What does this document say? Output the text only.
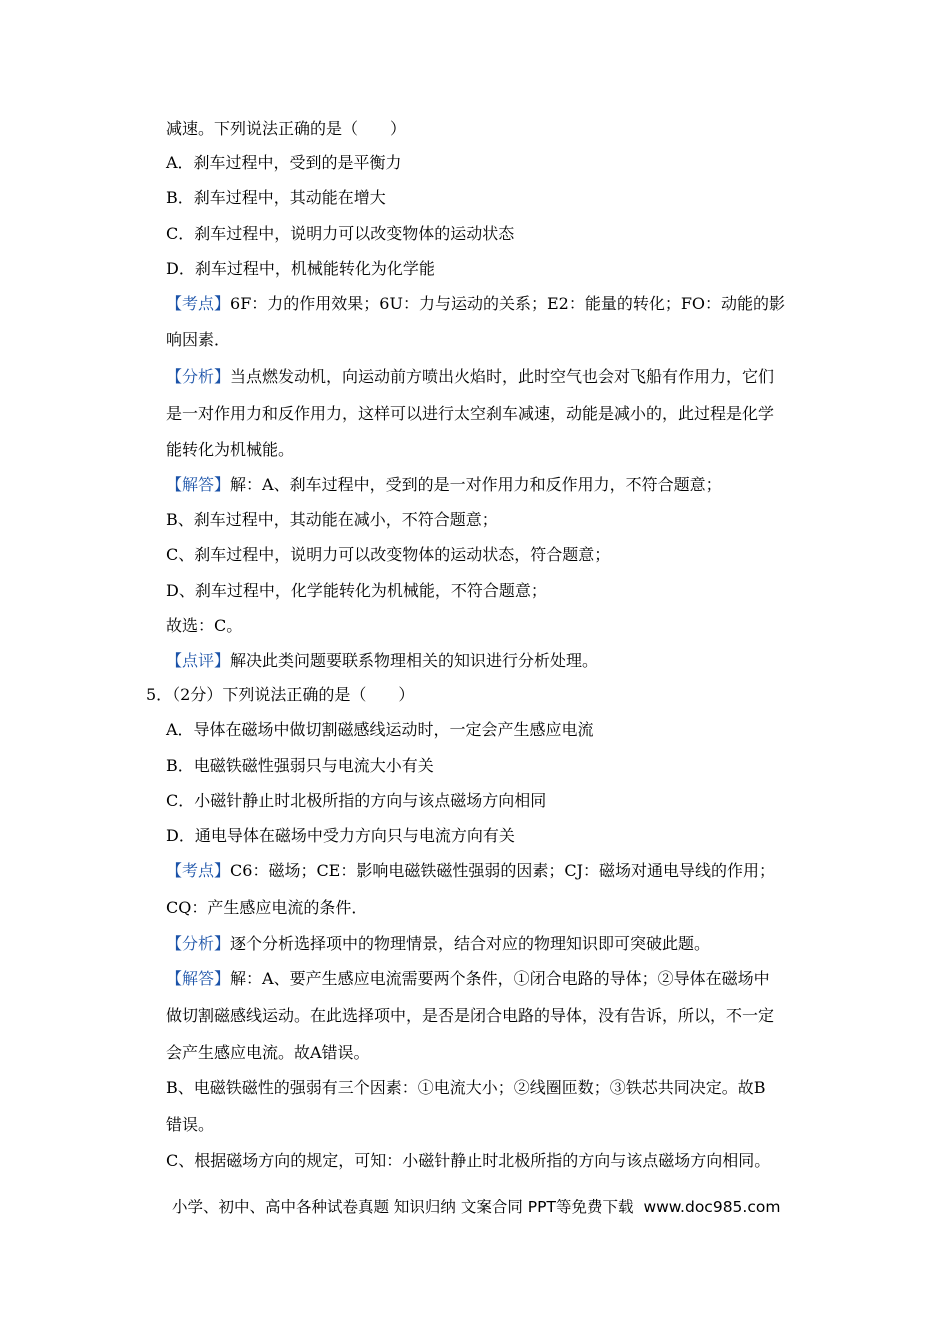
减速。下列说法正确的是（　　）
A．刹车过程中，受到的是平衡力
B．刹车过程中，其动能在增大
C．刹车过程中，说明力可以改变物体的运动状态
D．刹车过程中，机械能转化为化学能
【考点】6F：力的作用效果；6U：力与运动的关系；E2：能量的转化；FO：动能的影
响因素．
【分析】当点燃发动机，向运动前方喷出火焰时，此时空气也会对飞船有作用力，它们
是一对作用力和反作用力，这样可以进行太空刹车减速，动能是减小的，此过程是化学
能转化为机械能。
【解答】解：A、刹车过程中，受到的是一对作用力和反作用力，不符合题意；
B、刹车过程中，其动能在减小，不符合题意；
C、刹车过程中，说明力可以改变物体的运动状态，符合题意；
D、刹车过程中，化学能转化为机械能，不符合题意；
故选：C。
【点评】解决此类问题要联系物理相关的知识进行分析处理。
5．（2分）下列说法正确的是（　　）
A．导体在磁场中做切割磁感线运动时，一定会产生感应电流
B．电磁铁磁性强弱只与电流大小有关
C．小磁针静止时北极所指的方向与该点磁场方向相同
D．通电导体在磁场中受力方向只与电流方向有关
【考点】C6：磁场；CE：影响电磁铁磁性强弱的因素；CJ：磁场对通电导线的作用；
CQ：产生感应电流的条件．
【分析】逐个分析选择项中的物理情景，结合对应的物理知识即可突破此题。
【解答】解：A、要产生感应电流需要两个条件，①闭合电路的导体；②导体在磁场中
做切割磁感线运动。在此选择项中，是否是闭合电路的导体，没有告诉，所以，不一定
会产生感应电流。故A错误。
B、电磁铁磁性的强弱有三个因素：①电流大小；②线圈匝数；③铁芯共同决定。故B
错误。
C、根据磁场方向的规定，可知：小磁针静止时北极所指的方向与该点磁场方向相同。
小学、初中、高中各种试卷真题 知识归纳 文案合同 PPT等免费下载 www.doc985.com
